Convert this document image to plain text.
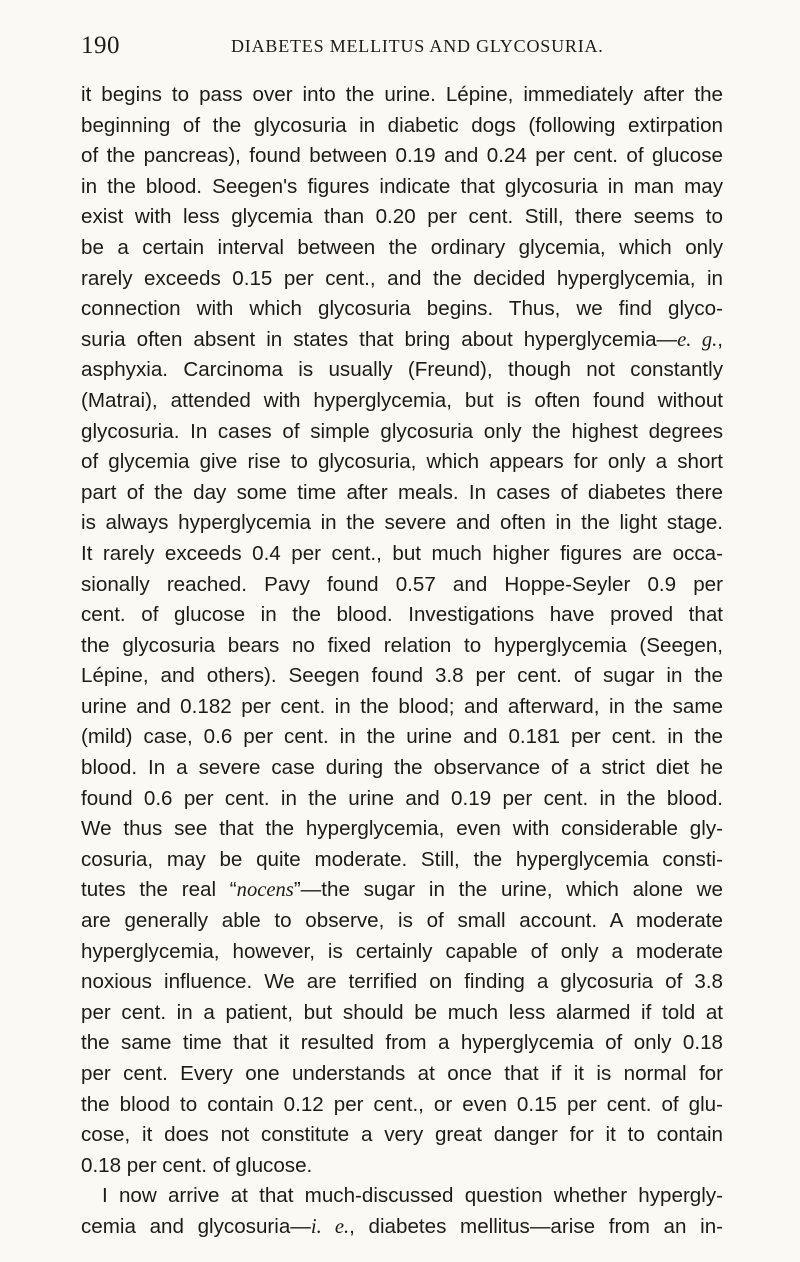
190	DIABETES MELLITUS AND GLYCOSURIA.
it begins to pass over into the urine. Lépine, immediately after the
beginning of the glycosuria in diabetic dogs (following extirpation
of the pancreas), found between 0.19 and 0.24 per cent. of glucose
in the blood. Seegen's figures indicate that glycosuria in man may
exist with less glycemia than 0.20 per cent. Still, there seems to
be a certain interval between the ordinary glycemia, which only
rarely exceeds 0.15 per cent., and the decided hyperglycemia, in
connection with which glycosuria begins. Thus, we find glyco-
suria often absent in states that bring about hyperglycemia—e. g.,
asphyxia. Carcinoma is usually (Freund), though not constantly
(Matrai), attended with hyperglycemia, but is often found without
glycosuria. In cases of simple glycosuria only the highest degrees
of glycemia give rise to glycosuria, which appears for only a short
part of the day some time after meals. In cases of diabetes there
is always hyperglycemia in the severe and often in the light stage.
It rarely exceeds 0.4 per cent., but much higher figures are occa-
sionally reached. Pavy found 0.57 and Hoppe-Seyler 0.9 per
cent. of glucose in the blood. Investigations have proved that
the glycosuria bears no fixed relation to hyperglycemia (Seegen,
Lépine, and others). Seegen found 3.8 per cent. of sugar in the
urine and 0.182 per cent. in the blood; and afterward, in the same
(mild) case, 0.6 per cent. in the urine and 0.181 per cent. in the
blood. In a severe case during the observance of a strict diet he
found 0.6 per cent. in the urine and 0.19 per cent. in the blood.
We thus see that the hyperglycemia, even with considerable gly-
cosuria, may be quite moderate. Still, the hyperglycemia consti-
tutes the real “nocens”—the sugar in the urine, which alone we
are generally able to observe, is of small account. A moderate
hyperglycemia, however, is certainly capable of only a moderate
noxious influence. We are terrified on finding a glycosuria of 3.8
per cent. in a patient, but should be much less alarmed if told at
the same time that it resulted from a hyperglycemia of only 0.18
per cent. Every one understands at once that if it is normal for
the blood to contain 0.12 per cent., or even 0.15 per cent. of glu-
cose, it does not constitute a very great danger for it to contain
0.18 per cent. of glucose.
I now arrive at that much-discussed question whether hypergly-
cemia and glycosuria—i. e., diabetes mellitus—arise from an in-
